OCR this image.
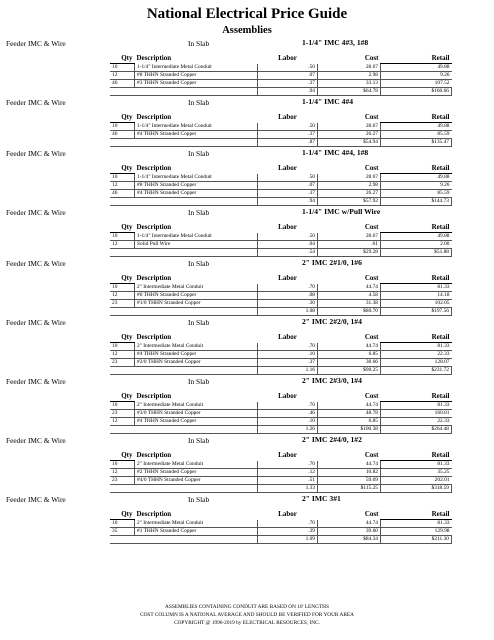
National Electrical Price Guide
Assemblies
Feeder IMC & Wire	In Slab	1-1/4" IMC 4#3, 1#8
Qty	Description	Labor	Cost	Retail
10	1-1/4" Intermediate Metal Conduit	.50	28.67	49.88
12	#8 THHN Stranded Copper	.07	2.98	9.26
46	#3 THHN Stranded Copper	.37	33.13	107.52
		.94	$64.78	$166.66
Feeder IMC & Wire	In Slab	1-1/4" IMC 4#4
Qty	Description	Labor	Cost	Retail
10	1-1/4" Intermediate Metal Conduit	.50	28.67	49.88
46	#4 THHN Stranded Copper	.37	26.27	85.59
		.87	$54.94	$135.47
Feeder IMC & Wire	In Slab	1-1/4" IMC 4#4, 1#8
Qty	Description	Labor	Cost	Retail
10	1-1/4" Intermediate Metal Conduit	.50	28.67	49.88
12	#8 THHN Stranded Copper	.07	2.98	9.26
46	#4 THHN Stranded Copper	.37	26.27	85.59
		.94	$57.92	$144.73
Feeder IMC & Wire	In Slab	1-1/4" IMC w/Pull Wire
Qty	Description	Labor	Cost	Retail
10	1-1/4" Intermediate Metal Conduit	.50	28.67	49.88
12	Solid Pull Wire	.04	.61	2.00
		.54	$29.28	$51.88
Feeder IMC & Wire	In Slab	2" IMC 2#1/0, 1#6
Qty	Description	Labor	Cost	Retail
10	2" Intermediate Metal Conduit	.70	44.74	81.33
12	#6 THHN Stranded Copper	.08	4.58	14.18
23	#1/0 THHN Stranded Copper	.30	31.38	102.05
		1.08	$80.70	$197.56
Feeder IMC & Wire	In Slab	2" IMC 2#2/0, 1#4
Qty	Description	Labor	Cost	Retail
10	2" Intermediate Metal Conduit	.70	44.74	81.33
12	#4 THHN Stranded Copper	.10	6.85	22.33
23	#2/0 THHN Stranded Copper	.37	38.66	128.07
		1.16	$90.25	$231.72
Feeder IMC & Wire	In Slab	2" IMC 2#3/0, 1#4
Qty	Description	Labor	Cost	Retail
10	2" Intermediate Metal Conduit	.70	44.74	81.33
23	#3/0 THHN Stranded Copper	.46	48.78	160.81
12	#4 THHN Stranded Copper	.10	6.85	22.33
		1.26	$100.38	$264.48
Feeder IMC & Wire	In Slab	2" IMC 2#4/0, 1#2
Qty	Description	Labor	Cost	Retail
10	2" Intermediate Metal Conduit	.70	44.74	81.33
12	#2 THHN Stranded Copper	.12	10.82	35.25
23	#4/0 THHN Stranded Copper	.51	59.69	202.01
		1.33	$115.25	$318.59
Feeder IMC & Wire	In Slab	2" IMC 3#1
Qty	Description	Labor	Cost	Retail
10	2" Intermediate Metal Conduit	.70	44.74	81.33
35	#1 THHN Stranded Copper	.39	39.60	129.98
		1.09	$84.34	$211.30
ASSEMBLIES CONTAINING CONDUIT ARE BASED ON 10' LENGTHS
COST COLUMN IS A NATIONAL AVERAGE AND SHOULD BE VERIFIED FOR YOUR AREA
COPYRIGHT @ 1996-2019 by ELECTRICAL RESOURCES, INC.
